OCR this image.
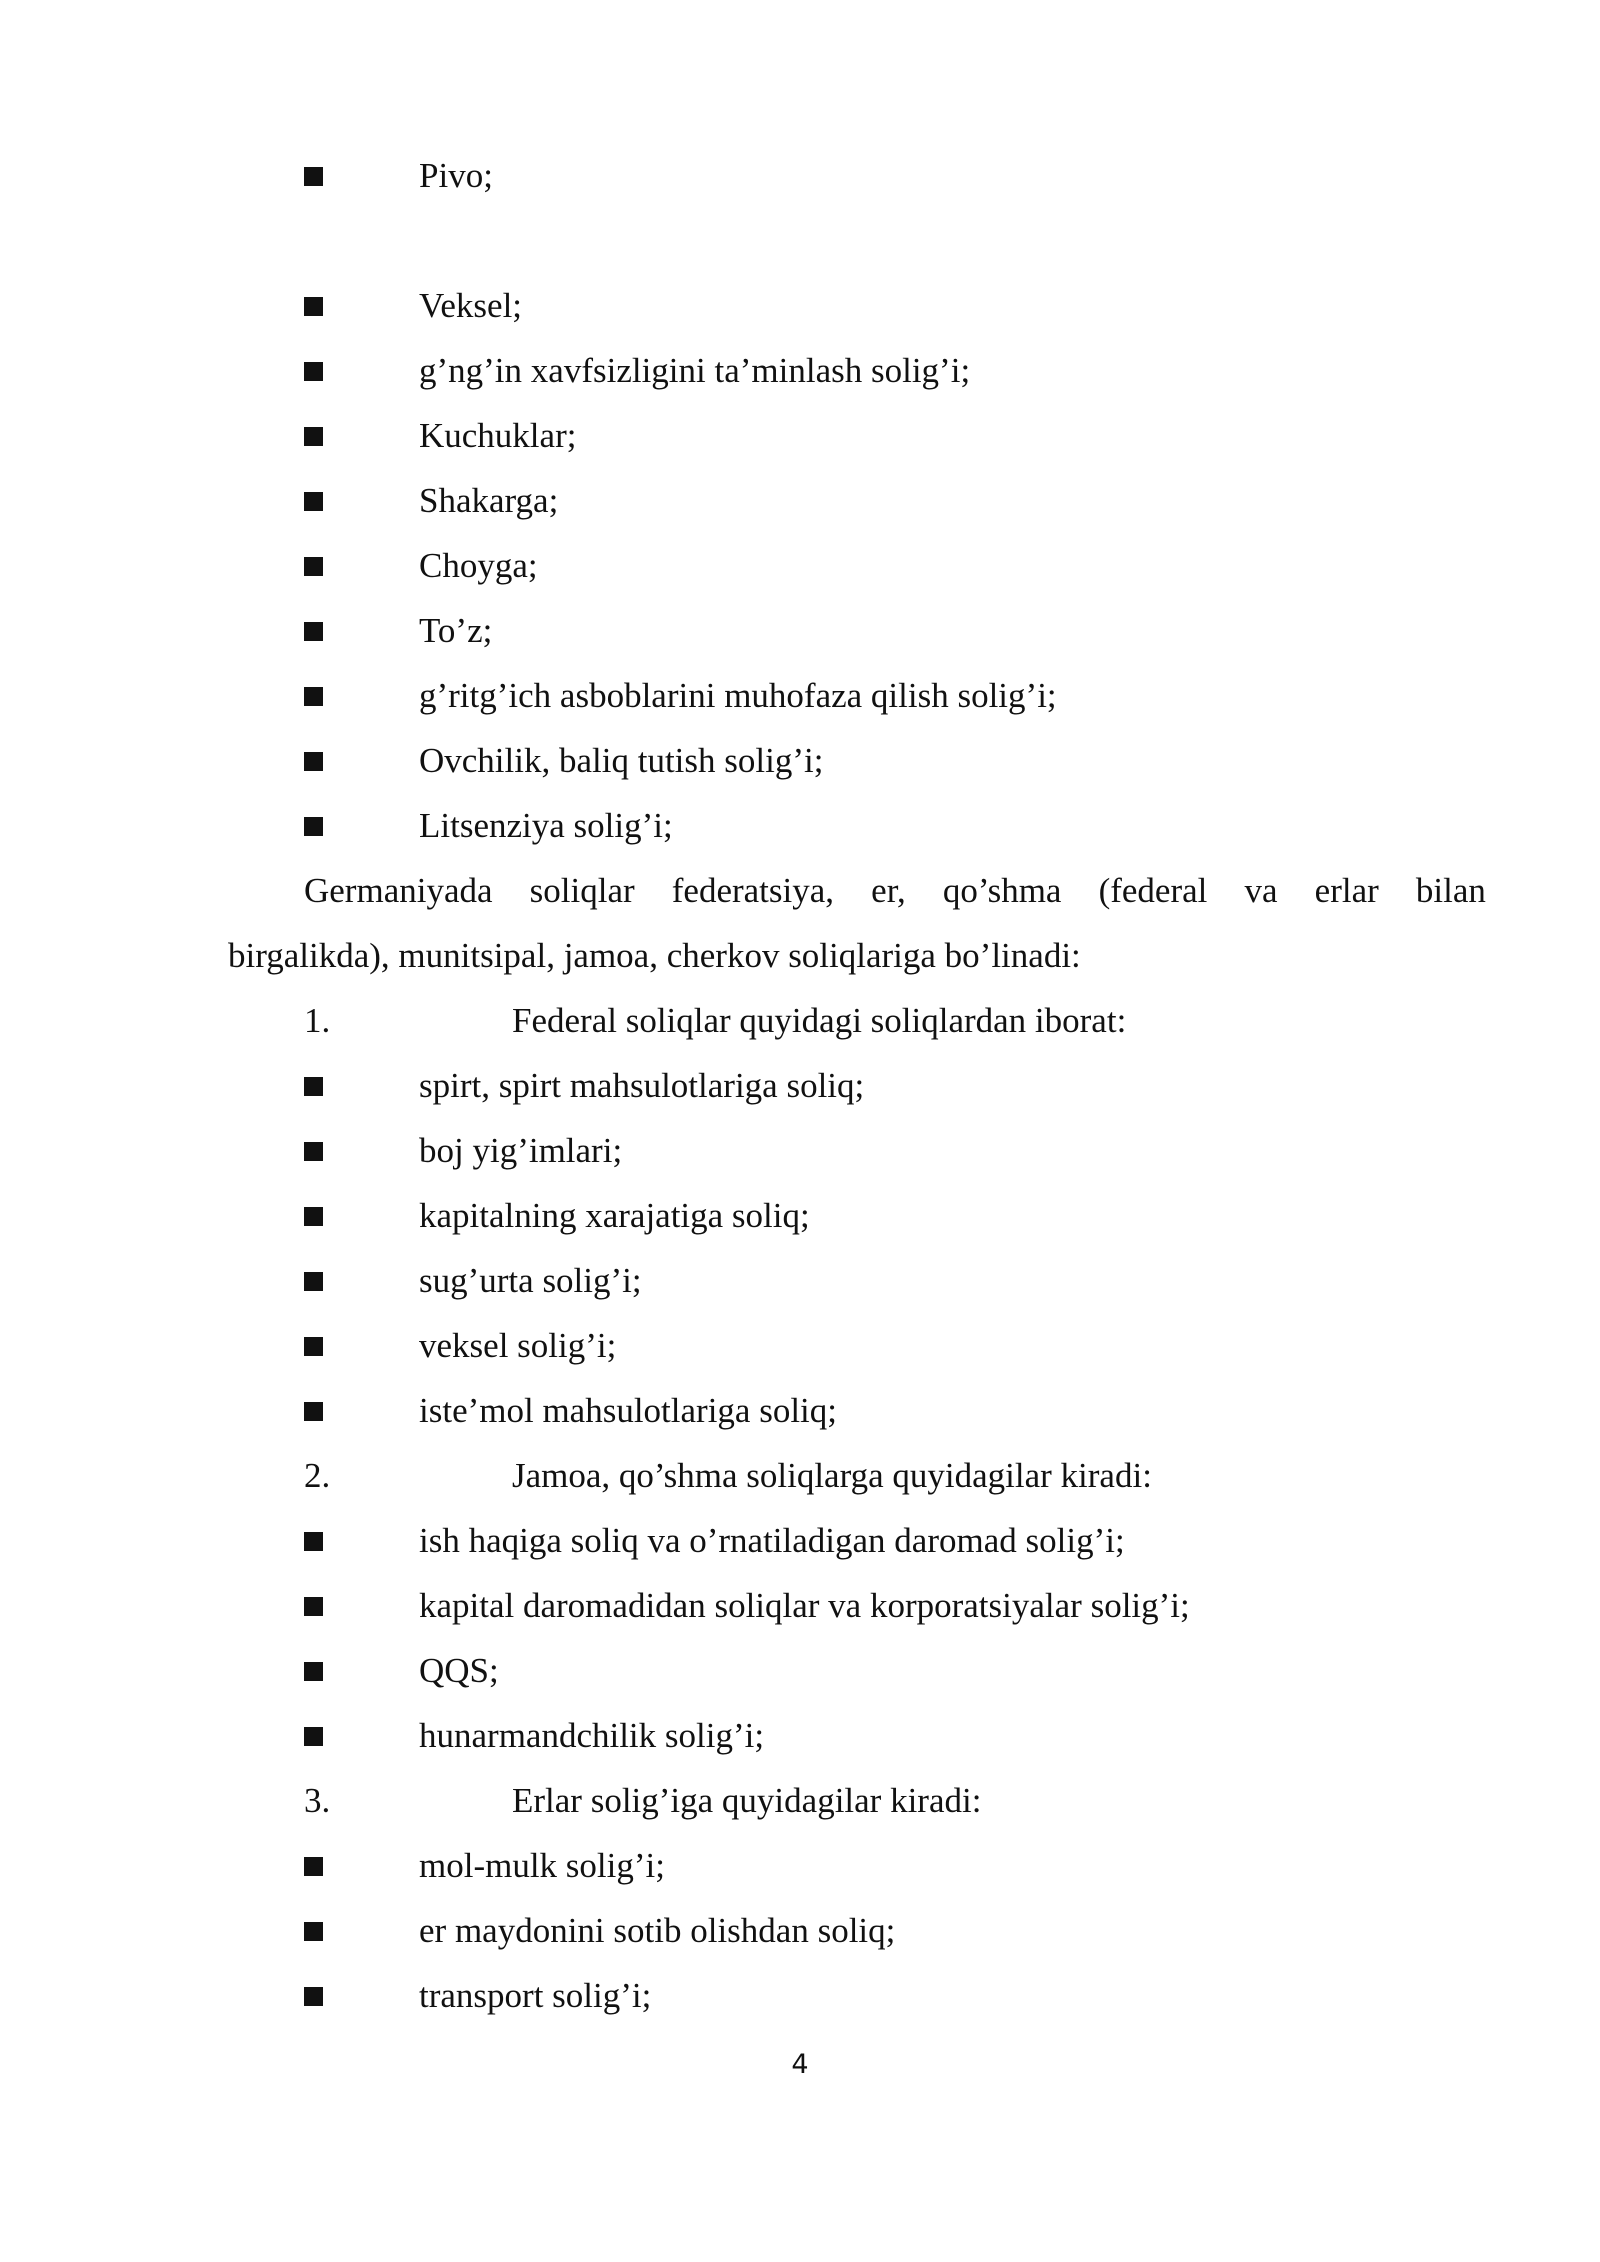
Pivo;
Veksel;
g’ng’in xavfsizligini ta’minlash solig’i;
Kuchuklar;
Shakarga;
Choyga;
To’z;
g’ritg’ich asboblarini muhofaza qilish solig’i;
Ovchilik, baliq tutish solig’i;
Litsenziya solig’i;
Germaniyada soliqlar federatsiya, er, qo’shma (federal va erlar bilan
birgalikda), munitsipal, jamoa, cherkov soliqlariga bo’linadi:
1.	Federal soliqlar quyidagi soliqlardan iborat:
spirt, spirt mahsulotlariga soliq;
boj yig’imlari;
kapitalning xarajatiga soliq;
sug’urta solig’i;
veksel solig’i;
iste’mol mahsulotlariga soliq;
2.	Jamoa, qo’shma soliqlarga quyidagilar kiradi:
ish haqiga soliq va o’rnatiladigan daromad solig’i;
kapital daromadidan soliqlar va korporatsiyalar solig’i;
QQS;
hunarmandchilik solig’i;
3.	Erlar solig’iga quyidagilar kiradi:
mol-mulk solig’i;
er maydonini sotib olishdan soliq;
transport solig’i;
4
